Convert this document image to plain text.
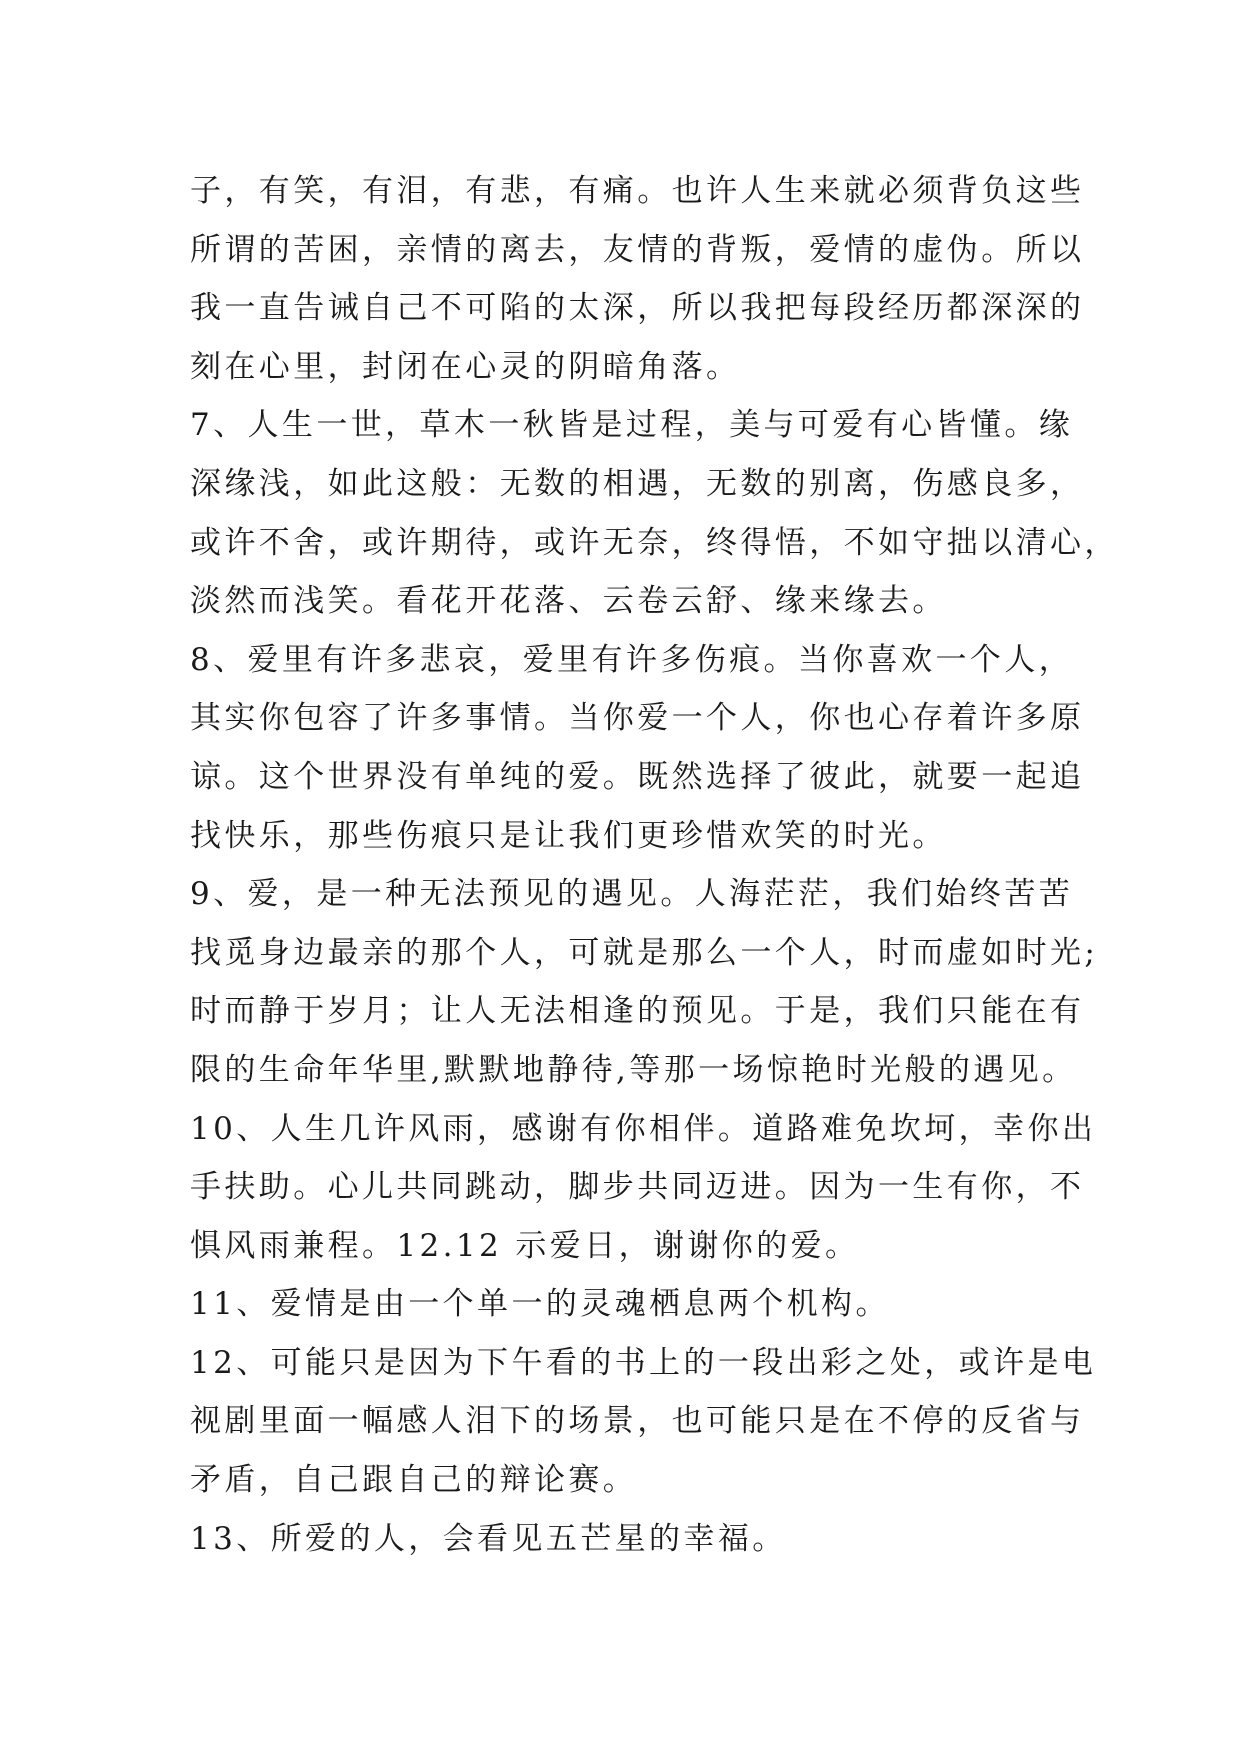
子，有笑，有泪，有悲，有痛。也许人生来就必须背负这些
所谓的苦困，亲情的离去，友情的背叛，爱情的虚伪。所以
我一直告诫自己不可陷的太深，所以我把每段经历都深深的
刻在心里，封闭在心灵的阴暗角落。
7、人生一世，草木一秋皆是过程，美与可爱有心皆懂。缘
深缘浅，如此这般：无数的相遇，无数的别离，伤感良多，
或许不舍，或许期待，或许无奈，终得悟，不如守拙以清心，
淡然而浅笑。看花开花落、云卷云舒、缘来缘去。
8、爱里有许多悲哀，爱里有许多伤痕。当你喜欢一个人，
其实你包容了许多事情。当你爱一个人，你也心存着许多原
谅。这个世界没有单纯的爱。既然选择了彼此，就要一起追
找快乐，那些伤痕只是让我们更珍惜欢笑的时光。
9、爱，是一种无法预见的遇见。人海茫茫，我们始终苦苦
找觅身边最亲的那个人，可就是那么一个人，时而虚如时光;
时而静于岁月；让人无法相逢的预见。于是，我们只能在有
限的生命年华里,默默地静待,等那一场惊艳时光般的遇见。
10、人生几许风雨，感谢有你相伴。道路难免坎坷，幸你出
手扶助。心儿共同跳动，脚步共同迈进。因为一生有你，不
惧风雨兼程。12.12 示爱日，谢谢你的爱。
11、爱情是由一个单一的灵魂栖息两个机构。
12、可能只是因为下午看的书上的一段出彩之处，或许是电
视剧里面一幅感人泪下的场景，也可能只是在不停的反省与
矛盾，自己跟自己的辩论赛。
13、所爱的人，会看见五芒星的幸福。
